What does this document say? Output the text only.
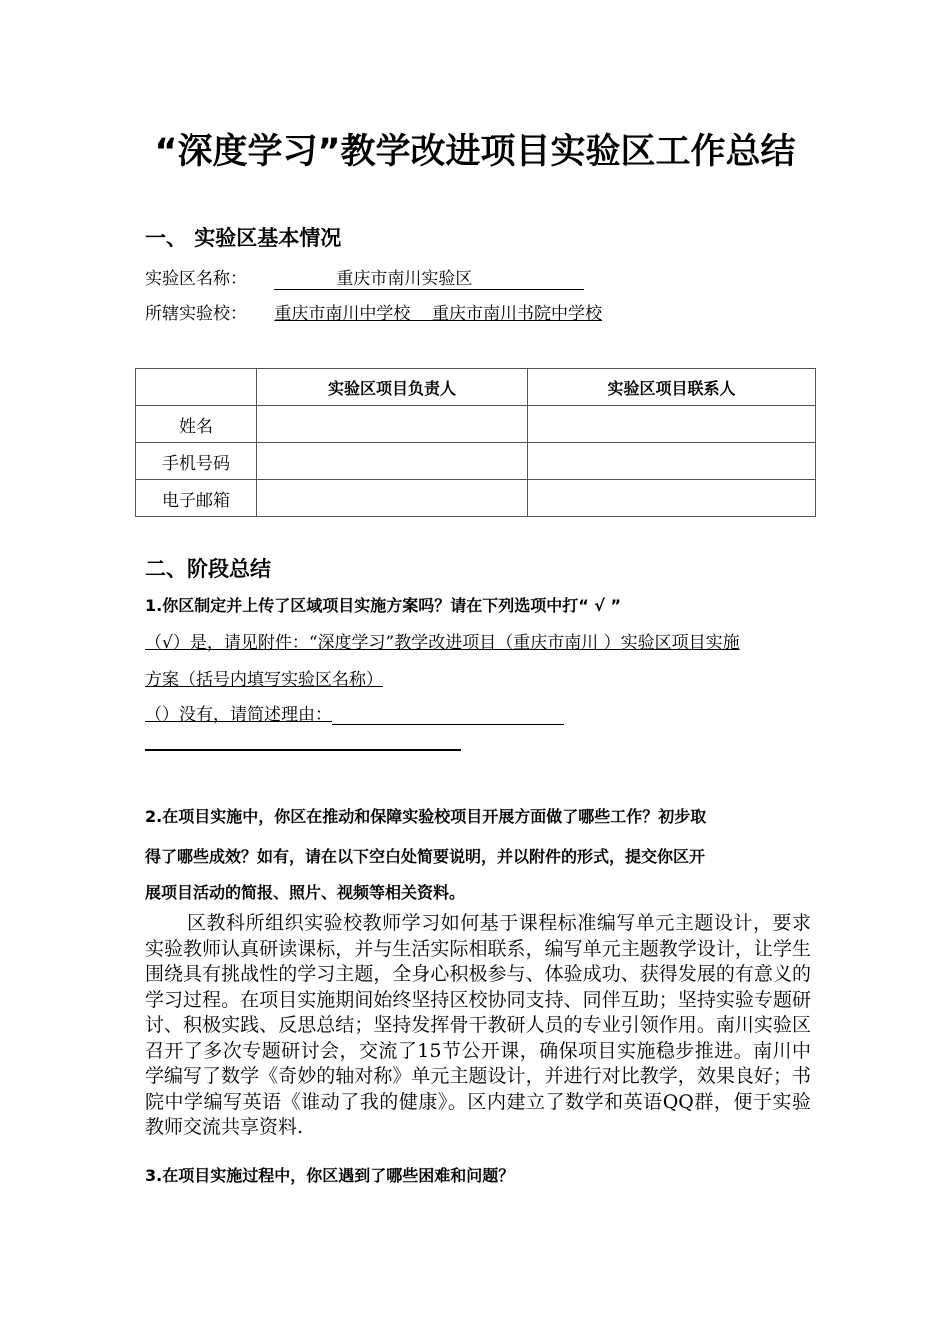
“深度学习”教学改进项目实验区工作总结
一、 实验区基本情况
实验区名称：	重庆市南川实验区
所辖实验校： 重庆市南川中学校    重庆市南川书院中学校
	实验区项目负责人	实验区项目联系人
姓名		
手机号码		
电子邮箱		
二、阶段总结
1.你区制定并上传了区域项目实施方案吗？请在下列选项中打“ √ ”
（√）是，请见附件：“深度学习”教学改进项目（重庆市南川 ）实验区项目实施
方案（括号内填写实验区名称）
（）没有，请简述理由：
2.在项目实施中，你区在推动和保障实验校项目开展方面做了哪些工作？初步取
得了哪些成效？如有，请在以下空白处简要说明，并以附件的形式，提交你区开
展项目活动的简报、照片、视频等相关资料。
区教科所组织实验校教师学习如何基于课程标准编写单元主题设计，要求实验教师认真研读课标，并与生活实际相联系，编写单元主题教学设计，让学生围绕具有挑战性的学习主题，全身心积极参与、体验成功、获得发展的有意义的学习过程。在项目实施期间始终坚持区校协同支持、同伴互助；坚持实验专题研讨、积极实践、反思总结；坚持发挥骨干教研人员的专业引领作用。南川实验区召开了多次专题研讨会，交流了15节公开课，确保项目实施稳步推进。南川中学编写了数学《奇妙的轴对称》单元主题设计，并进行对比教学，效果良好；书院中学编写英语《谁动了我的健康》。区内建立了数学和英语QQ群，便于实验教师交流共享资料.
3.在项目实施过程中，你区遇到了哪些困难和问题？
